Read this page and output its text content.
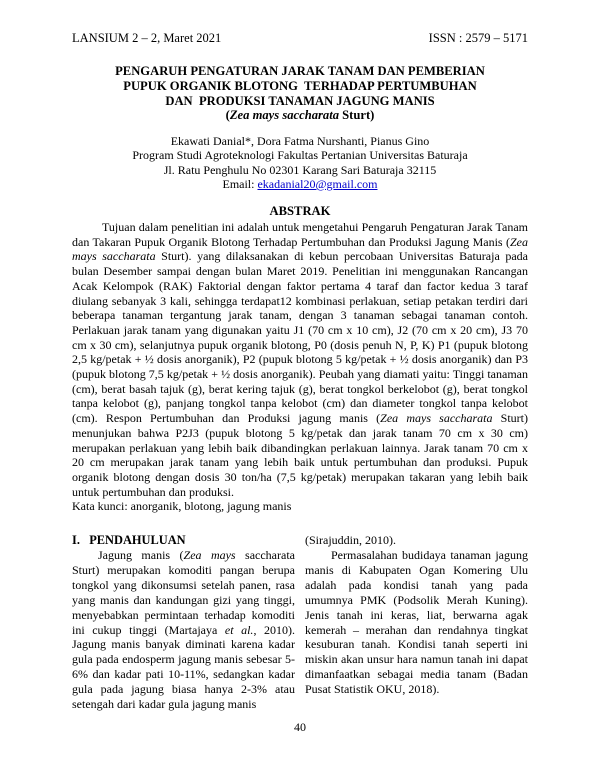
LANSIUM 2 – 2, Maret 2021	ISSN : 2579 – 5171
PENGARUH PENGATURAN JARAK TANAM DAN PEMBERIAN
PUPUK ORGANIK BLOTONG  TERHADAP PERTUMBUHAN
DAN  PRODUKSI TANAMAN JAGUNG MANIS
(Zea mays saccharata Sturt)
Ekawati Danial*, Dora Fatma Nurshanti, Pianus Gino
Program Studi Agroteknologi Fakultas Pertanian Universitas Baturaja
Jl. Ratu Penghulu No 02301 Karang Sari Baturaja 32115
Email: ekadanial20@gmail.com
ABSTRAK

Tujuan dalam penelitian ini adalah untuk mengetahui Pengaruh Pengaturan Jarak Tanam dan Takaran Pupuk Organik Blotong Terhadap Pertumbuhan dan Produksi Jagung Manis (Zea mays saccharata Sturt). yang dilaksanakan di kebun percobaan Universitas Baturaja pada bulan Desember sampai dengan bulan Maret 2019. Penelitian ini menggunakan Rancangan Acak Kelompok (RAK) Faktorial dengan faktor pertama 4 taraf dan factor kedua 3 taraf diulang sebanyak 3 kali, sehingga terdapat12 kombinasi perlakuan, setiap petakan terdiri dari beberapa tanaman tergantung jarak tanam, dengan 3 tanaman sebagai tanaman contoh. Perlakuan jarak tanam yang digunakan yaitu J1 (70 cm x 10 cm), J2 (70 cm x 20 cm), J3 70 cm x 30 cm), selanjutnya pupuk organik blotong, P0 (dosis penuh N, P, K) P1 (pupuk blotong 2,5 kg/petak + ½ dosis anorganik), P2 (pupuk blotong 5 kg/petak + ½ dosis anorganik) dan P3 (pupuk blotong 7,5 kg/petak + ½ dosis anorganik). Peubah yang diamati yaitu: Tinggi tanaman (cm), berat basah tajuk (g), berat kering tajuk (g), berat tongkol berkelobot (g), berat tongkol tanpa kelobot (g), panjang tongkol tanpa kelobot (cm) dan diameter tongkol tanpa kelobot (cm). Respon Pertumbuhan dan Produksi jagung manis (Zea mays saccharata Sturt) menunjukan bahwa P2J3 (pupuk blotong 5 kg/petak dan jarak tanam 70 cm x 30 cm) merupakan perlakuan yang lebih baik dibandingkan perlakuan lainnya. Jarak tanam 70 cm x 20 cm merupakan jarak tanam yang lebih baik untuk pertumbuhan dan produksi. Pupuk organik blotong dengan dosis 30 ton/ha (7,5 kg/petak) merupakan takaran yang lebih baik untuk pertumbuhan dan produksi.

Kata kunci: anorganik, blotong, jagung manis

I.   PENDAHULUAN

Jagung manis (Zea mays saccharata Sturt) merupakan komoditi pangan berupa tongkol yang dikonsumsi setelah panen, rasa yang manis dan kandungan gizi yang tinggi, menyebabkan permintaan terhadap komoditi ini cukup tinggi (Martajaya et al., 2010). Jagung manis banyak diminati karena kadar gula pada endosperm jagung manis sebesar 5-6% dan kadar pati 10-11%, sedangkan kadar gula pada jagung biasa hanya 2-3% atau setengah dari kadar gula jagung manis

(Sirajuddin, 2010).

Permasalahan budidaya tanaman jagung manis di Kabupaten Ogan Komering Ulu adalah pada kondisi tanah yang pada umumnya PMK (Podsolik Merah Kuning). Jenis tanah ini keras, liat, berwarna agak kemerah – merahan dan rendahnya tingkat kesuburan tanah. Kondisi tanah seperti ini miskin akan unsur hara namun tanah ini dapat dimanfaatkan sebagai media tanam (Badan Pusat Statistik OKU, 2018).

40
